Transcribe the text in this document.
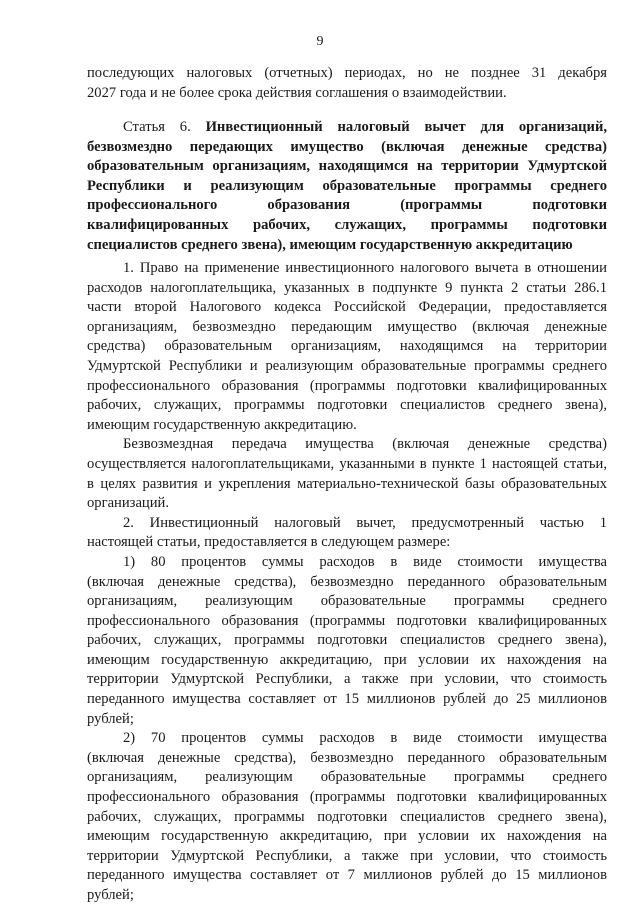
9
последующих налоговых (отчетных) периодах, но не позднее 31 декабря
2027 года и не более срока действия соглашения о взаимодействии.
Статья 6. Инвестиционный налоговый вычет для организаций,
безвозмездно передающих имущество (включая денежные средства)
образовательным организациям, находящимся на территории Удмуртской
Республики и реализующим образовательные программы среднего
профессионального образования (программы подготовки
квалифицированных рабочих, служащих, программы подготовки
специалистов среднего звена), имеющим государственную аккредитацию
1. Право на применение инвестиционного налогового вычета в отношении
расходов налогоплательщика, указанных в подпункте 9 пункта 2 статьи 286.1
части второй Налогового кодекса Российской Федерации, предоставляется
организациям, безвозмездно передающим имущество (включая денежные
средства) образовательным организациям, находящимся на территории
Удмуртской Республики и реализующим образовательные программы среднего
профессионального образования (программы подготовки квалифицированных
рабочих, служащих, программы подготовки специалистов среднего звена),
имеющим государственную аккредитацию.
Безвозмездная передача имущества (включая денежные средства)
осуществляется налогоплательщиками, указанными в пункте 1 настоящей статьи,
в целях развития и укрепления материально-технической базы образовательных
организаций.
2. Инвестиционный налоговый вычет, предусмотренный частью 1
настоящей статьи, предоставляется в следующем размере:
1) 80 процентов суммы расходов в виде стоимости имущества
(включая денежные средства), безвозмездно переданного образовательным
организациям, реализующим образовательные программы среднего
профессионального образования (программы подготовки квалифицированных
рабочих, служащих, программы подготовки специалистов среднего звена),
имеющим государственную аккредитацию, при условии их нахождения на
территории Удмуртской Республики, а также при условии, что стоимость
переданного имущества составляет от 15 миллионов рублей до 25 миллионов
рублей;
2) 70 процентов суммы расходов в виде стоимости имущества
(включая денежные средства), безвозмездно переданного образовательным
организациям, реализующим образовательные программы среднего
профессионального образования (программы подготовки квалифицированных
рабочих, служащих, программы подготовки специалистов среднего звена),
имеющим государственную аккредитацию, при условии их нахождения на
территории Удмуртской Республики, а также при условии, что стоимость
переданного имущества составляет от 7 миллионов рублей до 15 миллионов
рублей;
